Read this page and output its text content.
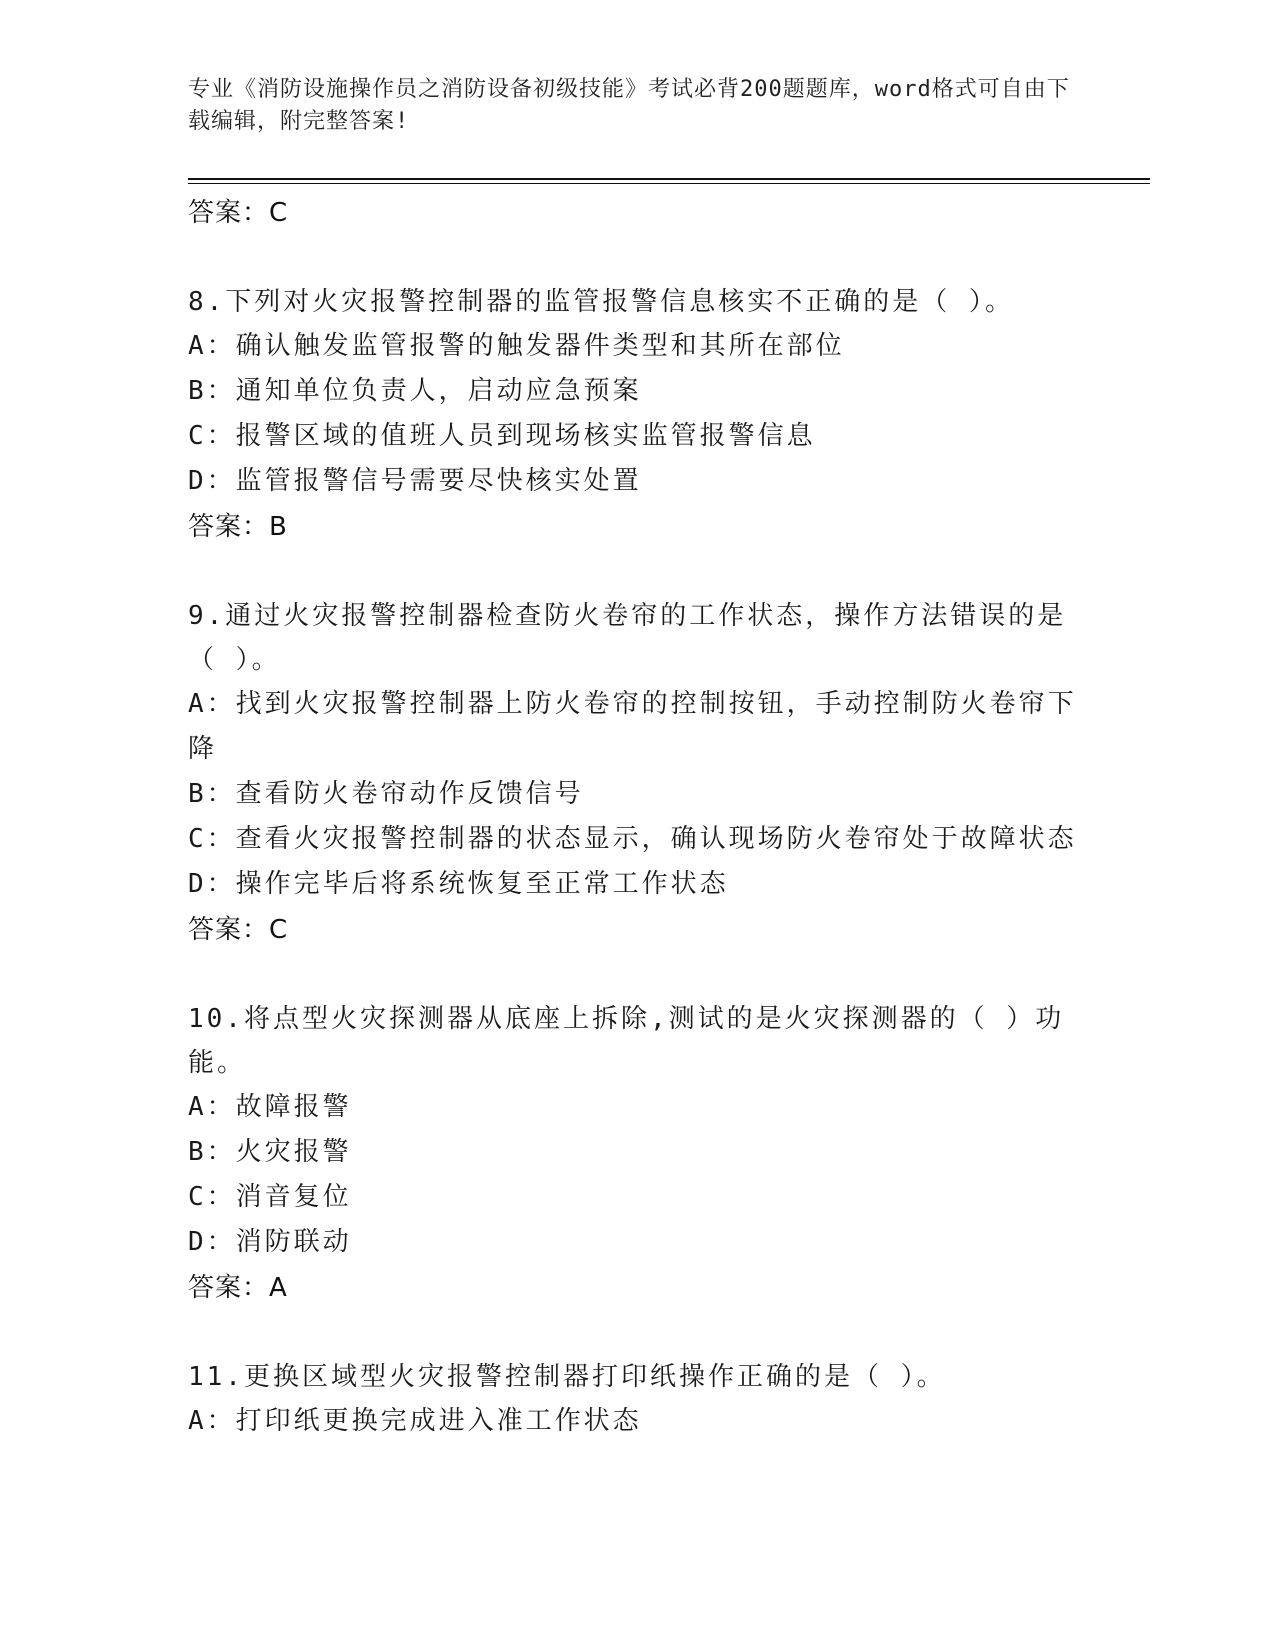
专业《消防设施操作员之消防设备初级技能》考试必背200题题库，word格式可自由下载编辑，附完整答案!
答案：C
8.下列对火灾报警控制器的监管报警信息核实不正确的是（ ）。
A：确认触发监管报警的触发器件类型和其所在部位
B：通知单位负责人，启动应急预案
C：报警区域的值班人员到现场核实监管报警信息
D：监管报警信号需要尽快核实处置
答案：B
9.通过火灾报警控制器检查防火卷帘的工作状态，操作方法错误的是（ ）。
A：找到火灾报警控制器上防火卷帘的控制按钮，手动控制防火卷帘下降
B：查看防火卷帘动作反馈信号
C：查看火灾报警控制器的状态显示，确认现场防火卷帘处于故障状态
D：操作完毕后将系统恢复至正常工作状态
答案：C
10.将点型火灾探测器从底座上拆除,测试的是火灾探测器的（ ）功能。
A：故障报警
B：火灾报警
C：消音复位
D：消防联动
答案：A
11.更换区域型火灾报警控制器打印纸操作正确的是（ ）。
A：打印纸更换完成进入准工作状态
